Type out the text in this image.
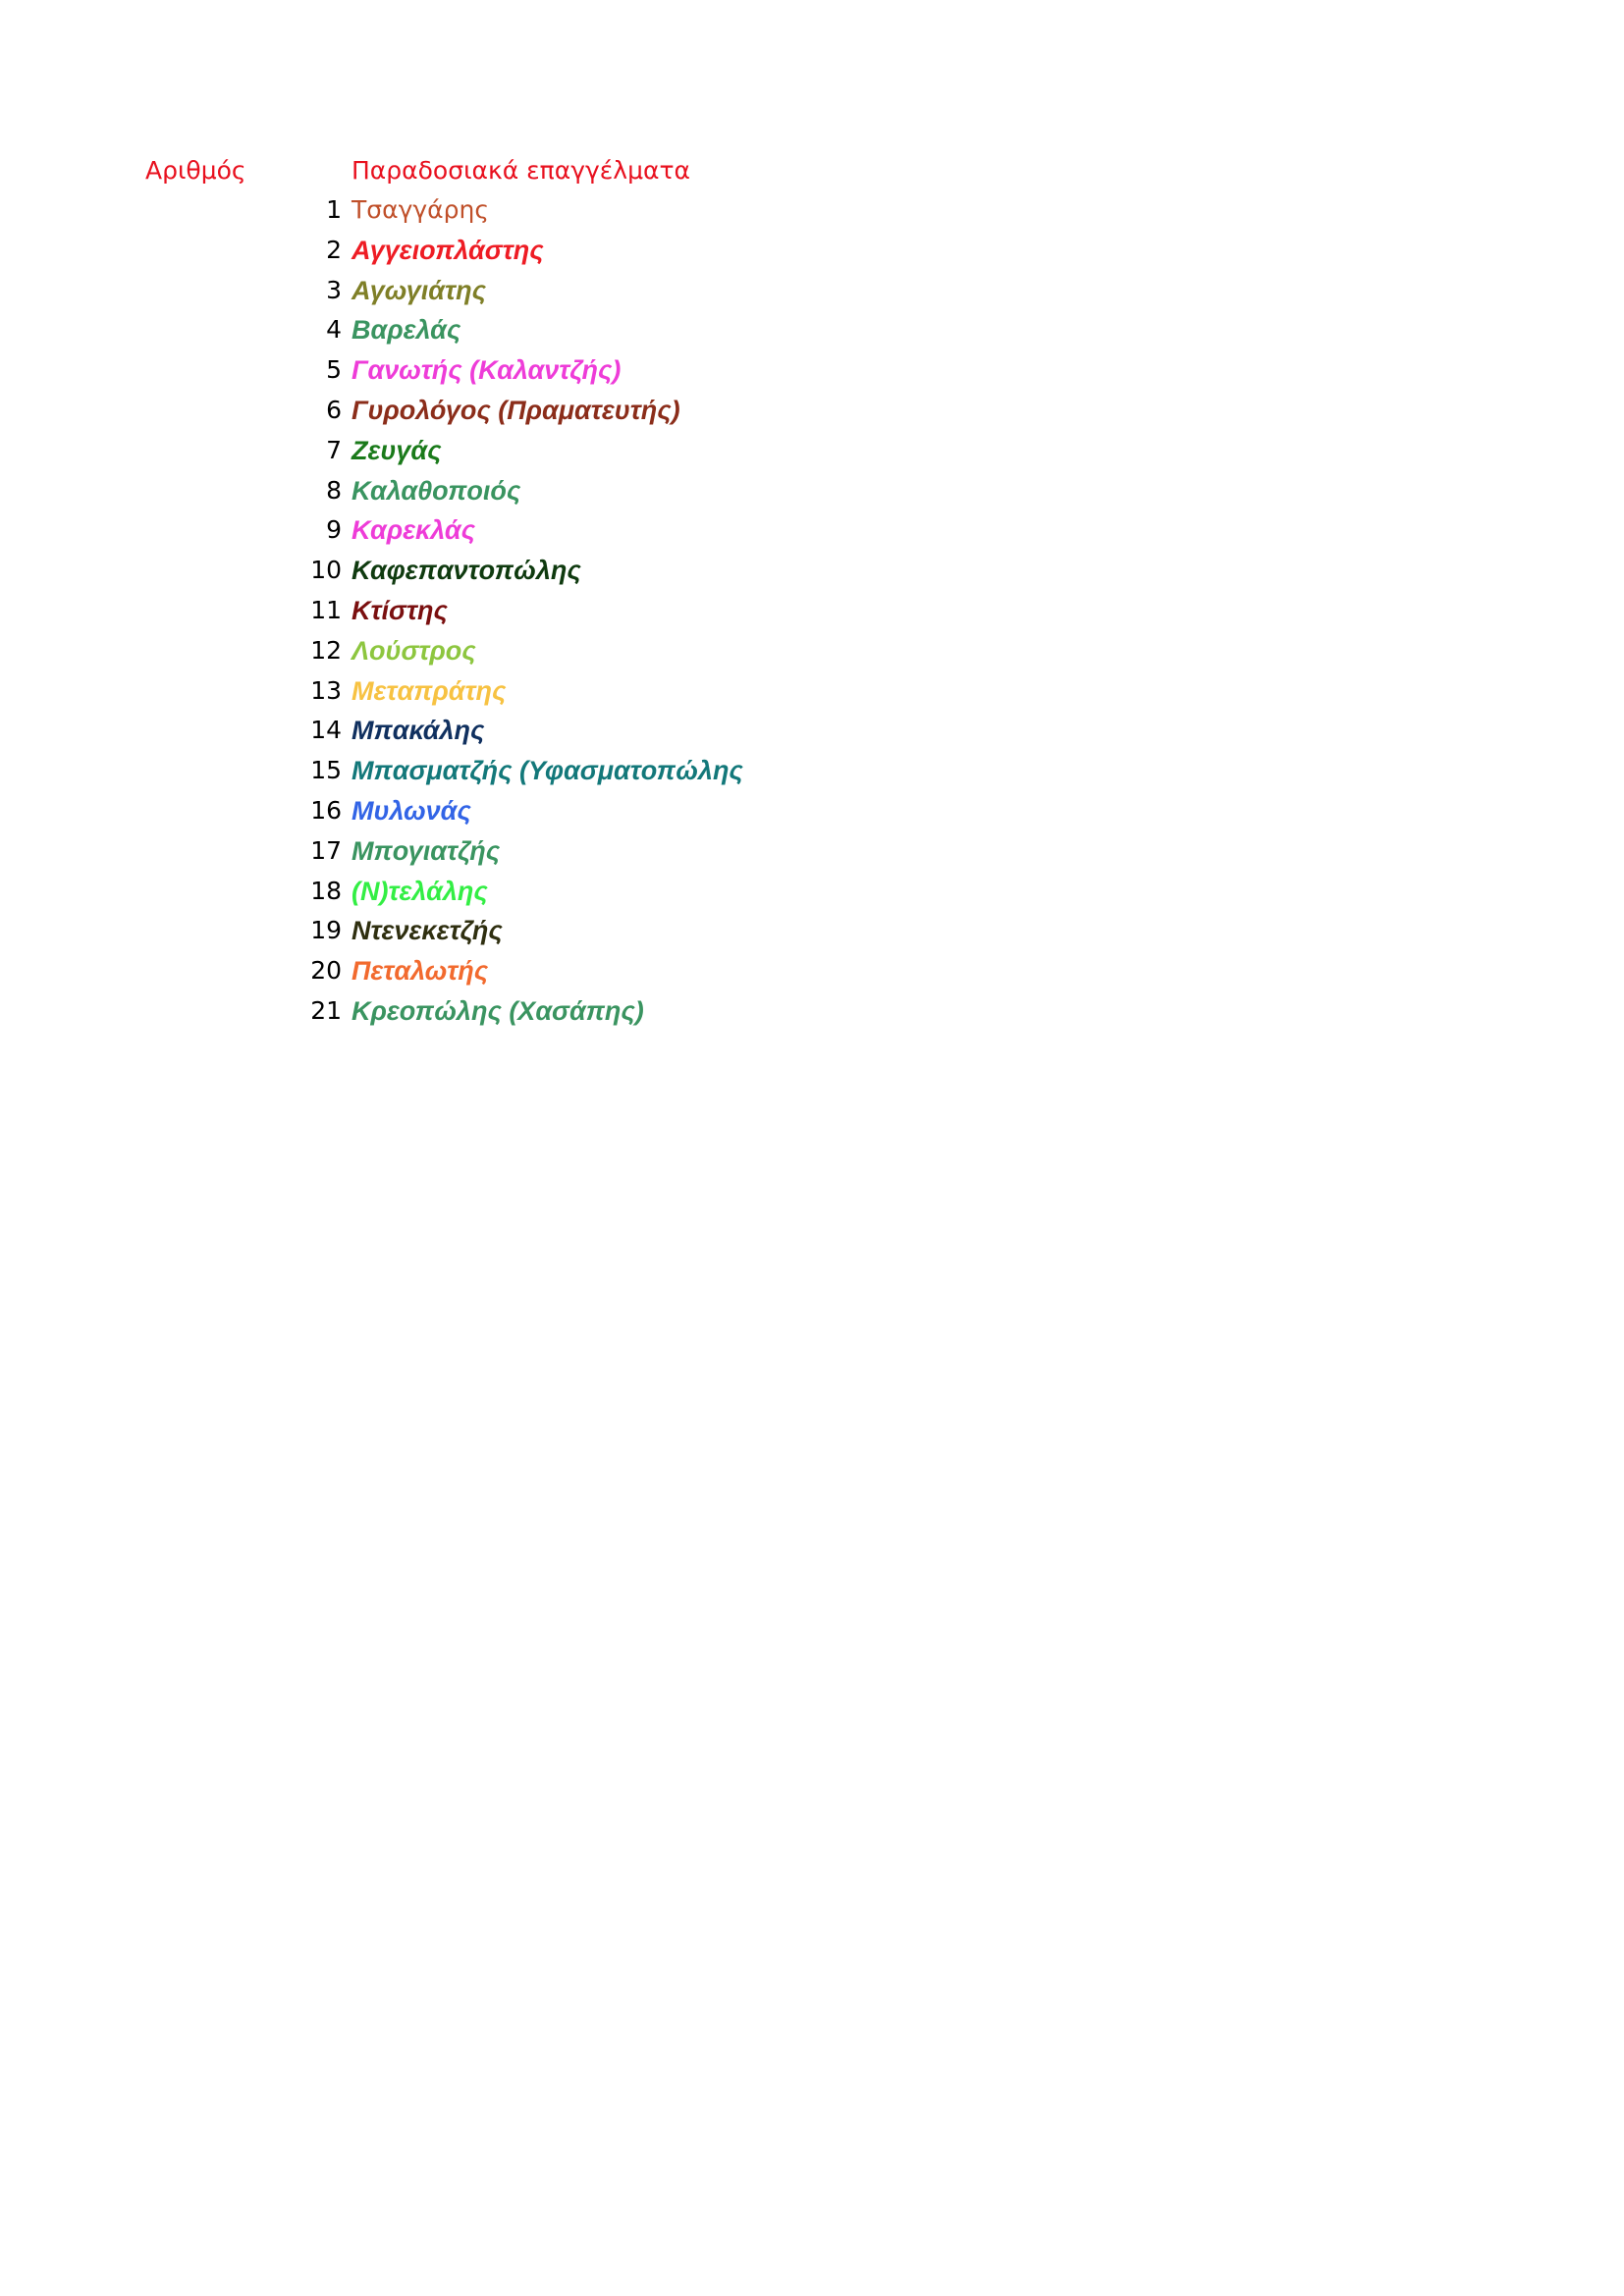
Αριθμός	Παραδοσιακά επαγγέλματα
1 Τσαγγάρης
2 Αγγειοπλάστης
3 Αγωγιάτης
4 Βαρελάς
5 Γανωτής (Καλαντζής)
6 Γυρολόγος (Πραματευτής)
7 Ζευγάς
8 Καλαθοποιός
9 Καρεκλάς
10 Καφεπαντοπώλης
11 Κτίστης
12 Λούστρος
13 Μεταπράτης
14 Μπακάλης
15 Μπασματζής (Υφασματοπώλης
16 Μυλωνάς
17 Μπογιατζής
18 (Ν)τελάλης
19 Ντενεκετζής
20 Πεταλωτής
21 Κρεοπώλης (Χασάπης)
